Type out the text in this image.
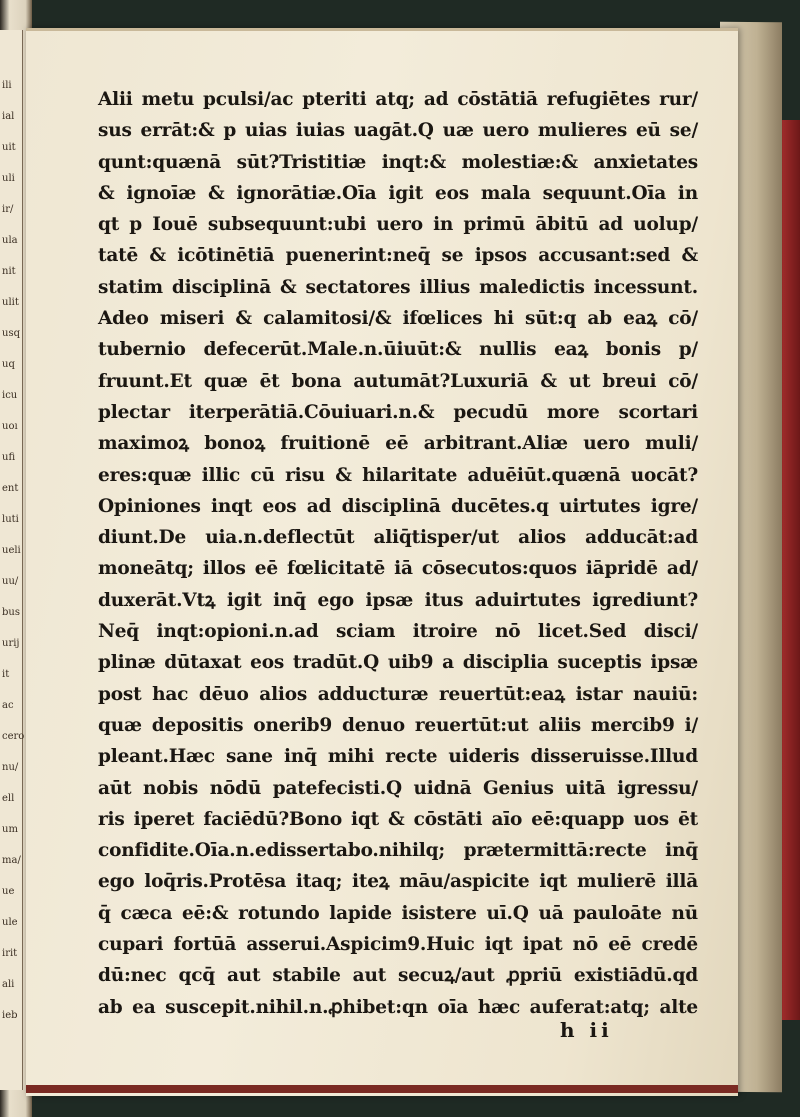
ili
ial
uit
uli
ir/
ula
nit
ulit
usq
uq
icu
uoı
ufi
ent
luti
ueli
uu/
bus
urij
it ac
cero
nu/
ell
um
ma/
ue
ule
irit
ali
ieb
Alii metu pculsi/ac pteriti atq; ad cōstātiā refugiētes rur/
sus errāt:& p uias iuias uagāt.Q uæ uero mulieres eū se/
qunt:quænā sūt?Tristitiæ inqt:& molestiæ:& anxietates
& ignoīæ & ignorātiæ.Oīa igit eos mala sequunt.Oīa in
qt p Iouē subsequunt:ubi uero in primū ābitū ad uolup/
tatē & icōtinētiā puenerint:neq̄ se ipsos accusant:sed &
statim disciplinā & sectatores illius maledictis incessunt.
Adeo miseri & calamitosi/& ifœlices hi sūt:q ab eaꝝ cō/
tubernio defecerūt.Male.n.ūiuūt:& nullis eaꝝ bonis p/
fruunt.Et quæ ēt bona autumāt?Luxuriā & ut breui cō/
plectar iterperātiā.Cōuiuari.n.& pecudū more scortari
maximoꝝ bonoꝝ fruitionē eē arbitrant.Aliæ uero muli/
eres:quæ illic cū risu & hilaritate aduēiūt.quænā uocāt?
Opiniones inqt eos ad disciplinā ducētes.q uirtutes igre/
diunt.De uia.n.deflectūt aliq̄tisper/ut alios adducāt:ad
moneātq; illos eē fœlicitatē iā cōsecutos:quos iāpridē ad/
duxerāt.Vtꝝ igit inq̄ ego ipsæ itus aduirtutes igrediunt?
Neq̄ inqt:opioni.n.ad sciam itroire nō licet.Sed disci/
plinæ dūtaxat eos tradūt.Q uib9 a disciplia suceptis ipsæ
post hac dēuo alios adducturæ reuertūt:eaꝝ istar nauiū:
quæ depositis onerib9 denuo reuertūt:ut aliis mercib9 i/
pleant.Hæc sane inq̄ mihi recte uideris disseruisse.Illud
aūt nobis nōdū patefecisti.Q uidnā Genius uitā igressu/
ris iperet faciēdū?Bono iqt & cōstāti aīo eē:quapp uos ēt
confidite.Oīa.n.edissertabo.nihilq; prætermittā:recte inq̄
ego loq̄ris.Protēsa itaq; iteꝝ māu/aspicite iqt mulierē illā
q̄ cæca eē:& rotundo lapide isistere uī.Q uā pauloāte nū
cupari fortūā asserui.Aspicim9.Huic iqt ipat nō eē credē
dū:nec qcq̄ aut stabile aut secuꝝ/aut ꝓpriū existiādū.qd
ab ea suscepit.nihil.n.ꝓhibet:qn oīa hæc auferat:atq; alte
h ii
